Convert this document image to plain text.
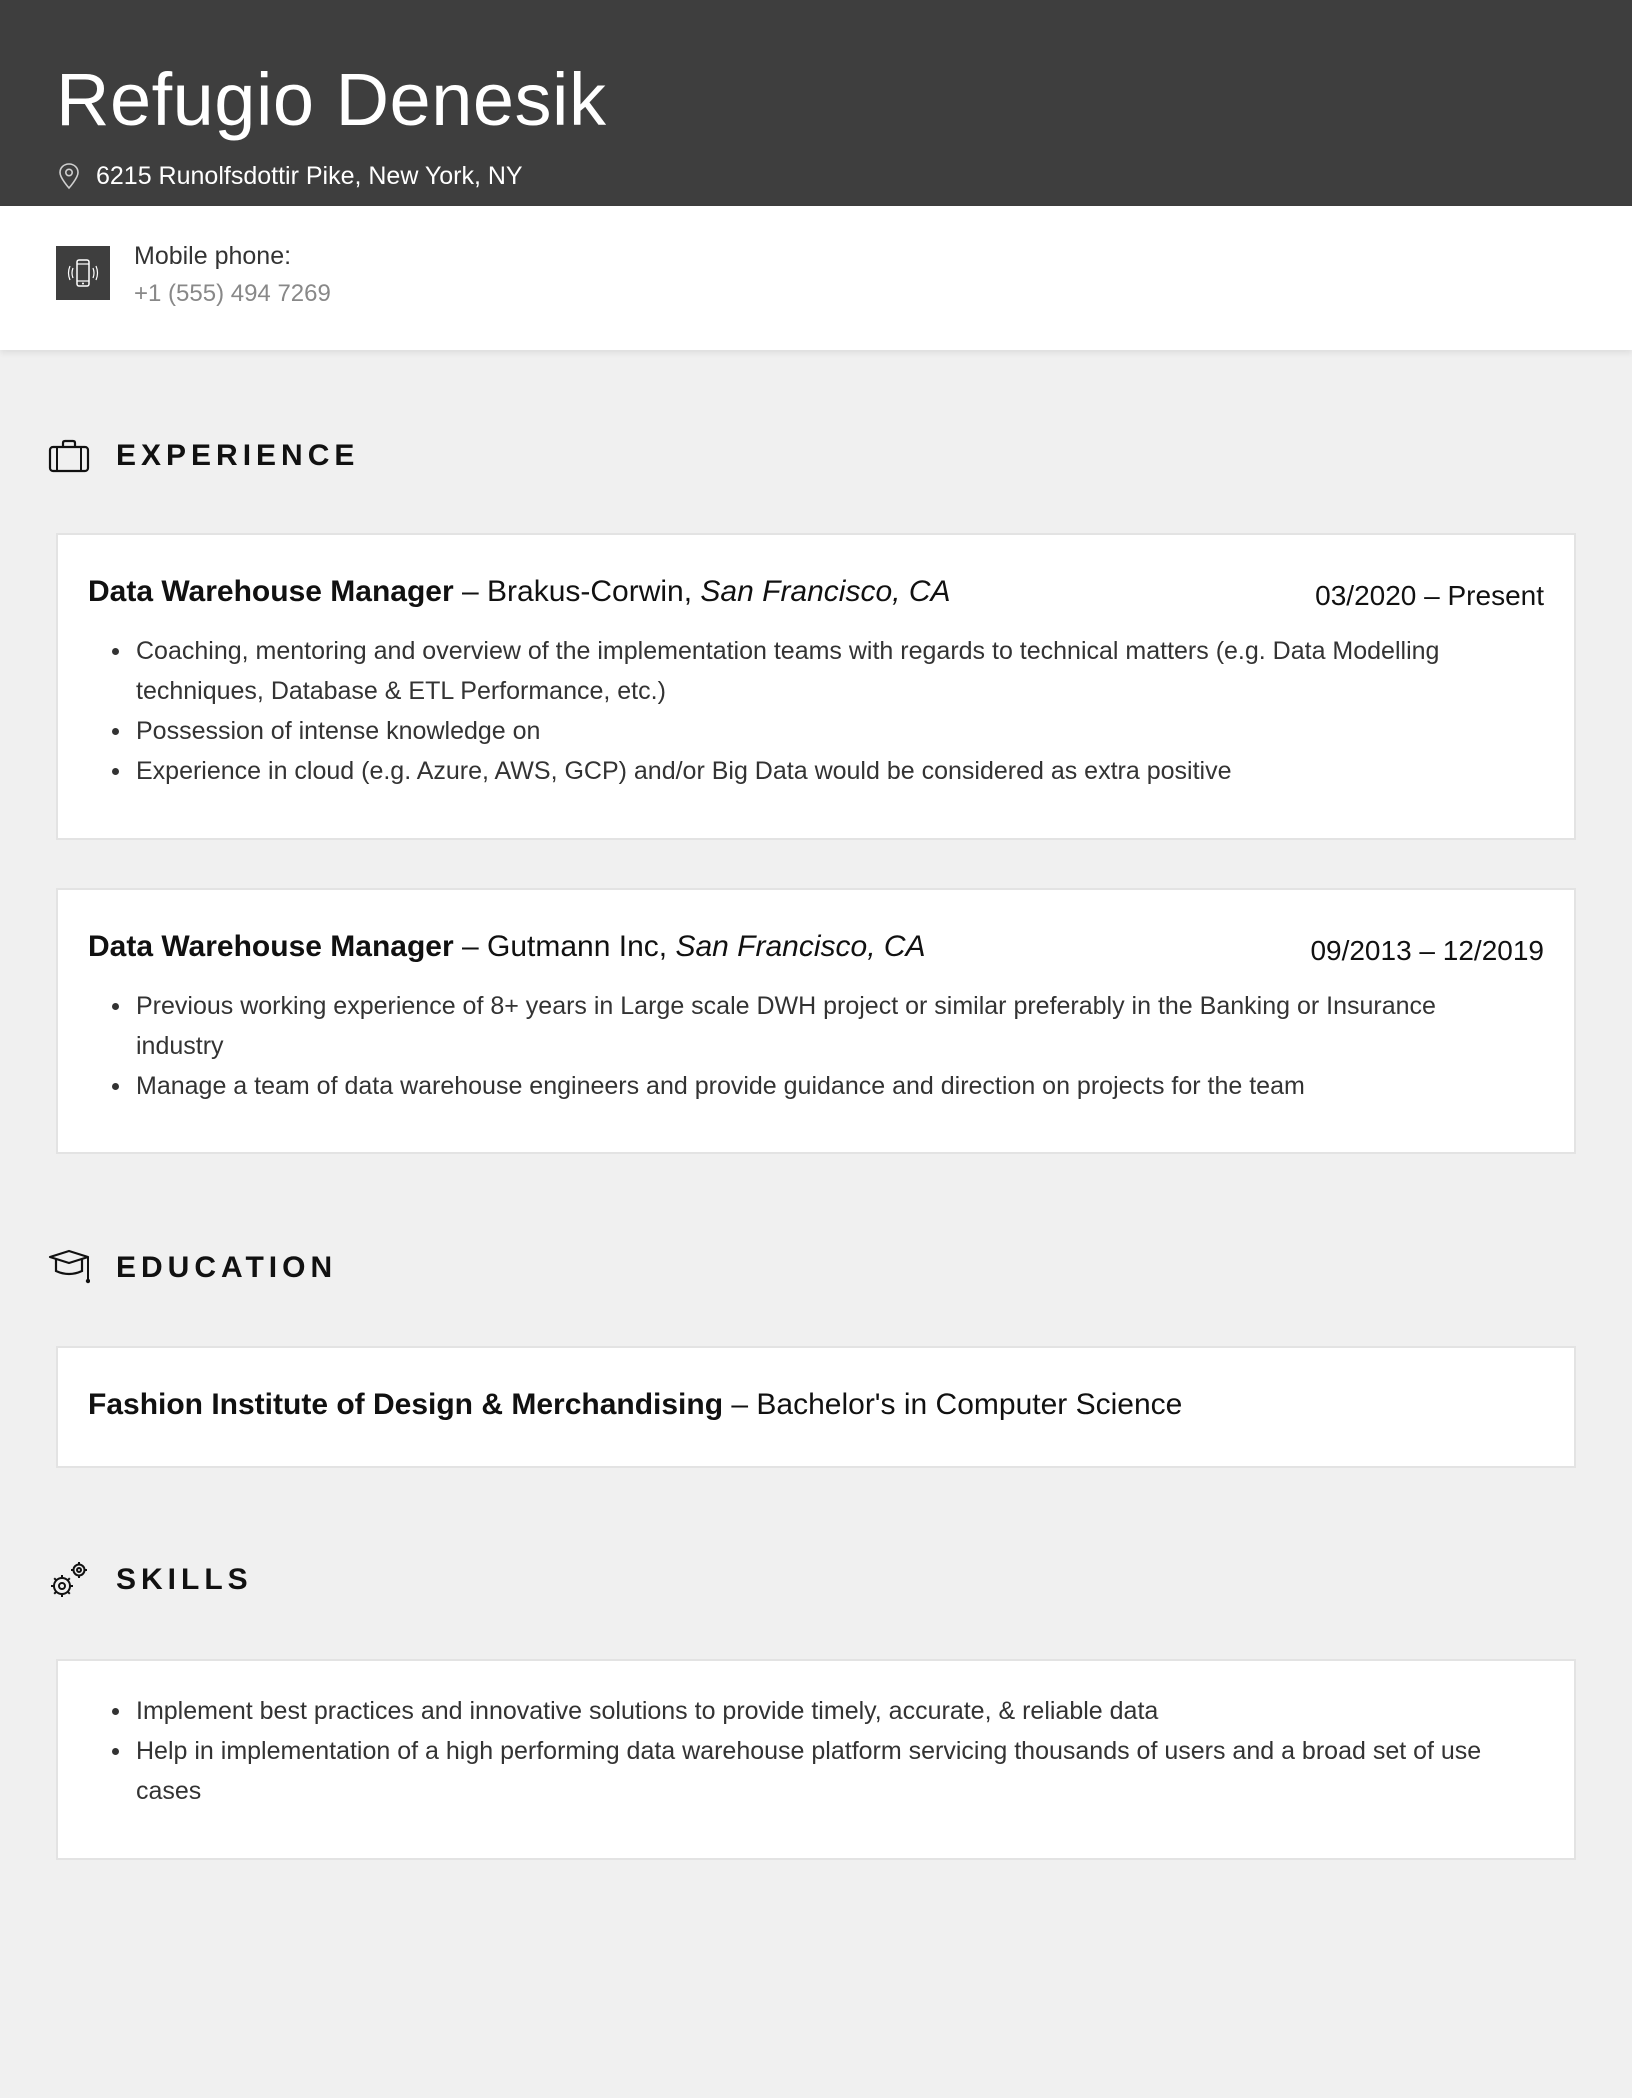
Refugio Denesik
6215 Runolfsdottir Pike, New York, NY
Mobile phone:
+1 (555) 494 7269
EXPERIENCE
Data Warehouse Manager – Brakus-Corwin, San Francisco, CA	03/2020 – Present
Coaching, mentoring and overview of the implementation teams with regards to technical matters (e.g. Data Modelling techniques, Database & ETL Performance, etc.)
Possession of intense knowledge on
Experience in cloud (e.g. Azure, AWS, GCP) and/or Big Data would be considered as extra positive
Data Warehouse Manager – Gutmann Inc, San Francisco, CA	09/2013 – 12/2019
Previous working experience of 8+ years in Large scale DWH project or similar preferably in the Banking or Insurance industry
Manage a team of data warehouse engineers and provide guidance and direction on projects for the team
EDUCATION
Fashion Institute of Design & Merchandising – Bachelor's in Computer Science
SKILLS
Implement best practices and innovative solutions to provide timely, accurate, & reliable data
Help in implementation of a high performing data warehouse platform servicing thousands of users and a broad set of use cases
